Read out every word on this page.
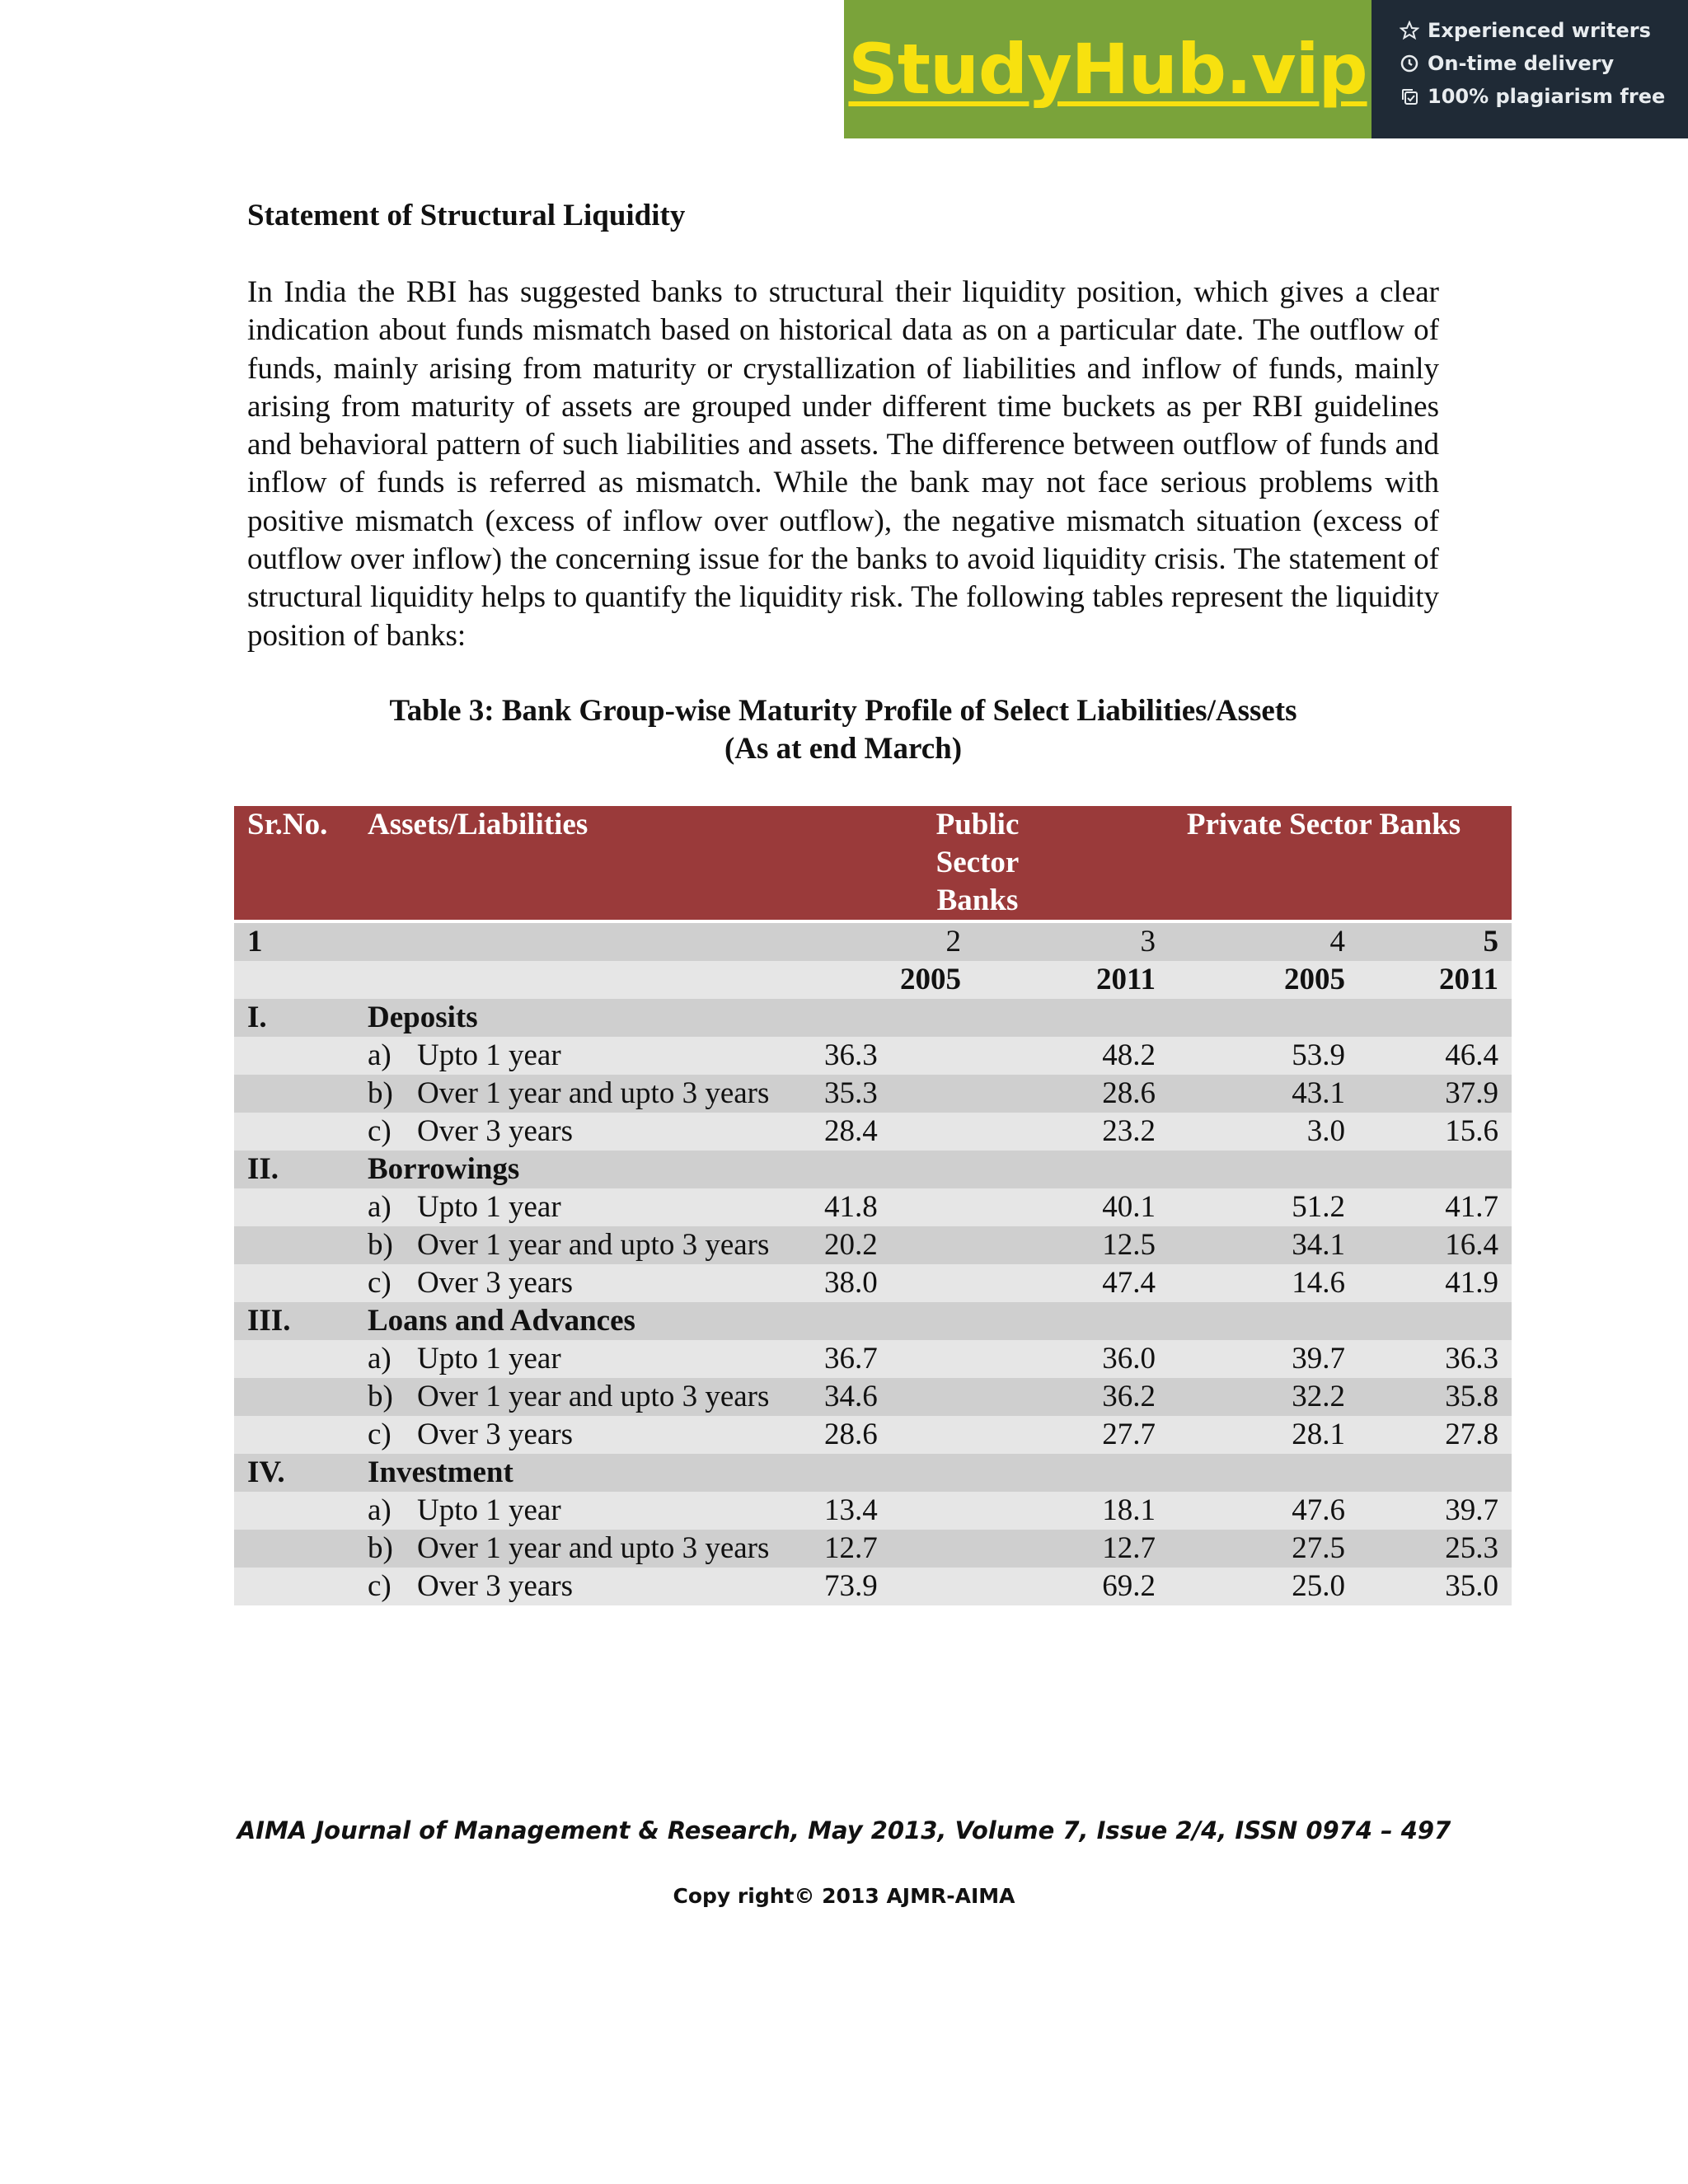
StudyHub.vip	Experienced writers
On-time delivery
100% plagiarism free
Statement of Structural Liquidity

In India the RBI has suggested banks to structural their liquidity position, which gives a clear indication about funds mismatch based on historical data as on a particular date. The outflow of funds, mainly arising from maturity or crystallization of liabilities and inflow of funds, mainly arising from maturity of assets are grouped under different time buckets as per RBI guidelines and behavioral pattern of such liabilities and assets. The difference between outflow of funds and inflow of funds is referred as mismatch. While the bank may not face serious problems with positive mismatch (excess of inflow over outflow), the negative mismatch situation (excess of outflow over inflow) the concerning issue for the banks to avoid liquidity crisis. The statement of structural liquidity helps to quantify the liquidity risk. The following tables represent the liquidity position of banks:

Table 3: Bank Group-wise Maturity Profile of Select Liabilities/Assets
(As at end March)
Sr.No.	Assets/Liabilities	Public Sector Banks		Private Sector Banks	
1		2	3	4	5
		2005	2011	2005	2011
I.	Deposits				

	a) Upto 1 year	36.3	48.2	53.9	46.4

	b) Over 1 year and upto 3 years	35.3	28.6	43.1	37.9

	c) Over 3 years	28.4	23.2	3.0	15.6
II.	Borrowings				

	a) Upto 1 year	41.8	40.1	51.2	41.7

	b) Over 1 year and upto 3 years	20.2	12.5	34.1	16.4

	c) Over 3 years	38.0	47.4	14.6	41.9
III.	Loans and Advances				

	a) Upto 1 year	36.7	36.0	39.7	36.3

	b) Over 1 year and upto 3 years	34.6	36.2	32.2	35.8

	c) Over 3 years	28.6	27.7	28.1	27.8
IV.	Investment				

	a) Upto 1 year	13.4	18.1	47.6	39.7

	b) Over 1 year and upto 3 years	12.7	12.7	27.5	25.3

	c) Over 3 years	73.9	69.2	25.0	35.0
AIMA Journal of Management & Research, May 2013, Volume 7, Issue 2/4, ISSN 0974 – 497
Copy right© 2013 AJMR-AIMA
